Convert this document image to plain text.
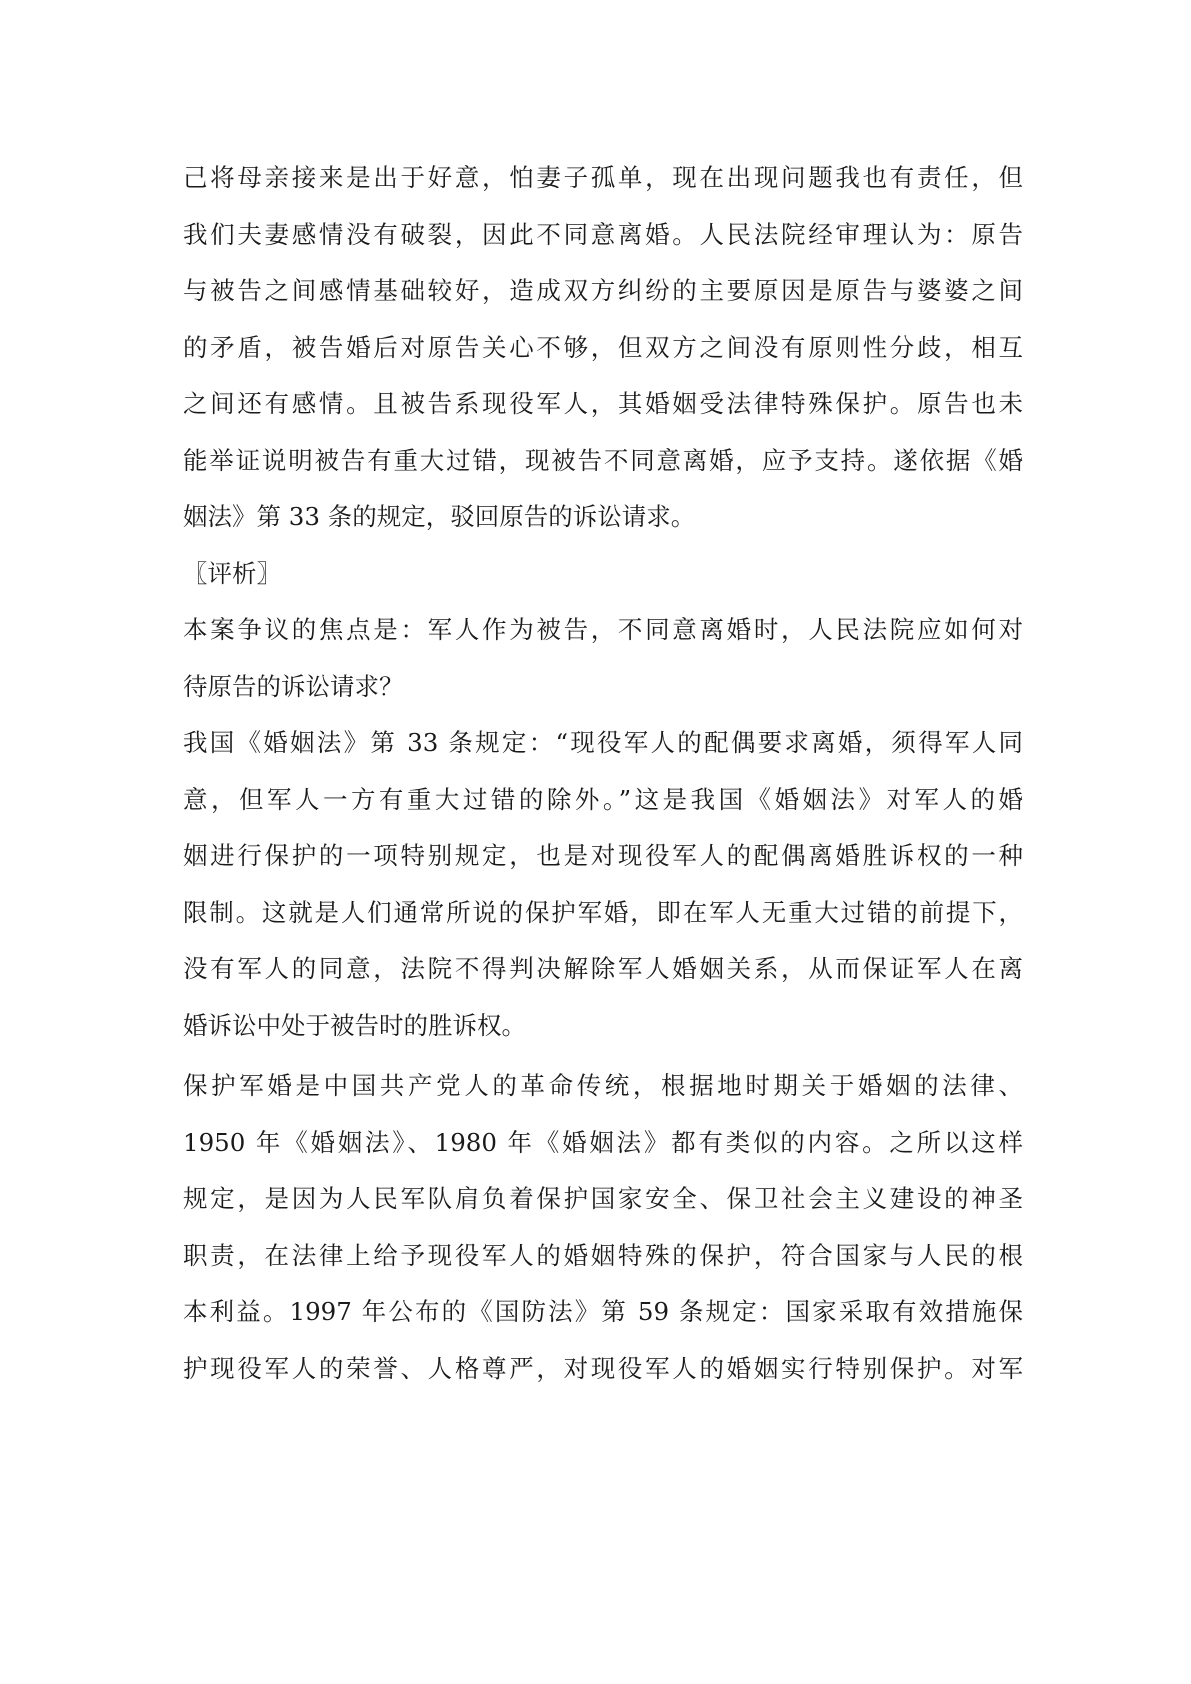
己将母亲接来是出于好意，怕妻子孤单，现在出现问题我也有责任，但
我们夫妻感情没有破裂，因此不同意离婚。人民法院经审理认为：原告
与被告之间感情基础较好，造成双方纠纷的主要原因是原告与婆婆之间
的矛盾，被告婚后对原告关心不够，但双方之间没有原则性分歧，相互
之间还有感情。且被告系现役军人，其婚姻受法律特殊保护。原告也未
能举证说明被告有重大过错，现被告不同意离婚，应予支持。遂依据《婚
姻法》第 33 条的规定，驳回原告的诉讼请求。
〖评析〗
本案争议的焦点是：军人作为被告，不同意离婚时，人民法院应如何对
待原告的诉讼请求？
我国《婚姻法》第 33 条规定：“现役军人的配偶要求离婚，须得军人同
意，但军人一方有重大过错的除外。”这是我国《婚姻法》对军人的婚
姻进行保护的一项特别规定，也是对现役军人的配偶离婚胜诉权的一种
限制。这就是人们通常所说的保护军婚，即在军人无重大过错的前提下，
没有军人的同意，法院不得判决解除军人婚姻关系，从而保证军人在离
婚诉讼中处于被告时的胜诉权。
保护军婚是中国共产党人的革命传统，根据地时期关于婚姻的法律、
1950 年《婚姻法》、1980 年《婚姻法》都有类似的内容。之所以这样
规定，是因为人民军队肩负着保护国家安全、保卫社会主义建设的神圣
职责，在法律上给予现役军人的婚姻特殊的保护，符合国家与人民的根
本利益。1997 年公布的《国防法》第 59 条规定：国家采取有效措施保
护现役军人的荣誉、人格尊严，对现役军人的婚姻实行特别保护。对军
